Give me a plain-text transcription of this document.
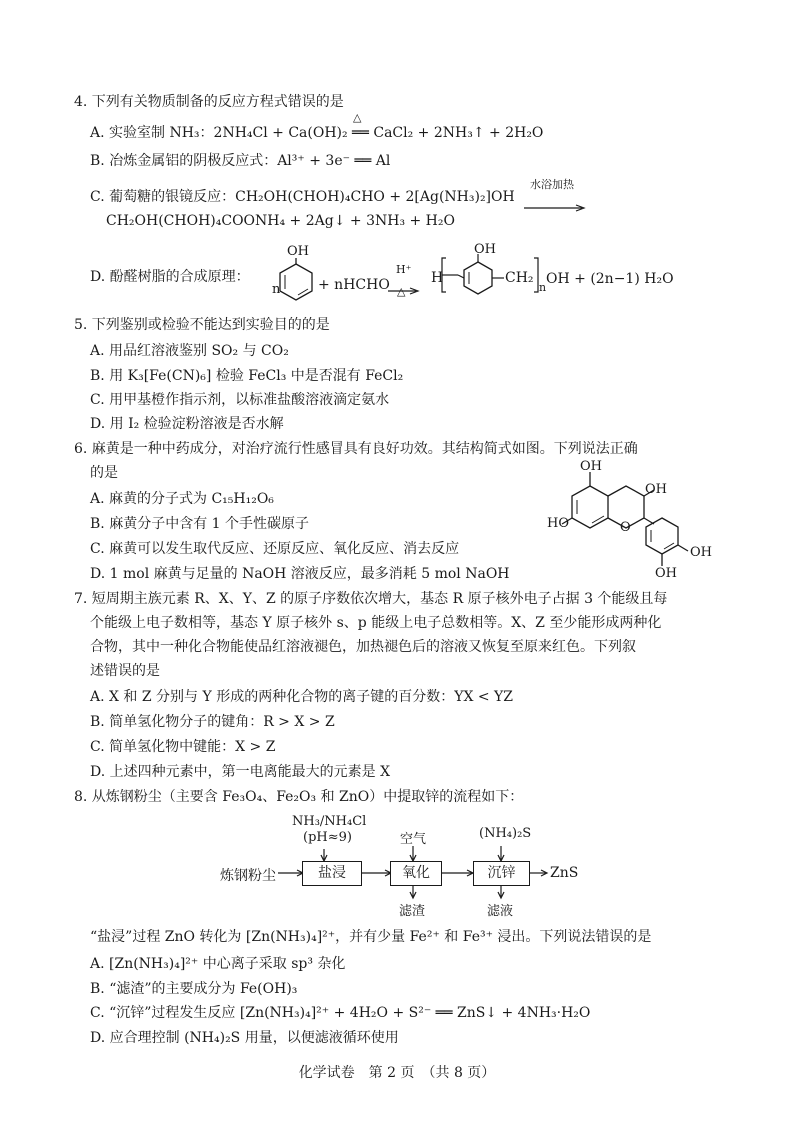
4. 下列有关物质制备的反应方程式错误的是
A. 实验室制 NH₃：2NH₄Cl + Ca(OH)₂ ══ CaCl₂ + 2NH₃↑ + 2H₂O
△
B. 冶炼金属铝的阴极反应式：Al³⁺ + 3e⁻ ══ Al
C. 葡萄糖的银镜反应：CH₂OH(CHOH)₄CHO + 2[Ag(NH₃)₂]OH
水浴加热
CH₂OH(CHOH)₄COONH₄ + 2Ag↓ + 3NH₃ + H₂O
D. 酚醛树脂的合成原理：
n
OH
+ nHCHO
H⁺
△
H
OH
CH₂
n
OH + (2n−1) H₂O
5. 下列鉴别或检验不能达到实验目的的是
A. 用品红溶液鉴别 SO₂ 与 CO₂
B. 用 K₃[Fe(CN)₆] 检验 FeCl₃ 中是否混有 FeCl₂
C. 用甲基橙作指示剂，以标准盐酸溶液滴定氨水
D. 用 I₂ 检验淀粉溶液是否水解
6. 麻黄是一种中药成分，对治疗流行性感冒具有良好功效。其结构简式如图。下列说法正确
的是
A. 麻黄的分子式为 C₁₅H₁₂O₆
B. 麻黄分子中含有 1 个手性碳原子
C. 麻黄可以发生取代反应、还原反应、氧化反应、消去反应
D. 1 mol 麻黄与足量的 NaOH 溶液反应，最多消耗 5 mol NaOH
OH
OH
O
HO
OH
OH
7. 短周期主族元素 R、X、Y、Z 的原子序数依次增大，基态 R 原子核外电子占据 3 个能级且每
个能级上电子数相等，基态 Y 原子核外 s、p 能级上电子总数相等。X、Z 至少能形成两种化
合物，其中一种化合物能使品红溶液褪色，加热褪色后的溶液又恢复至原来红色。下列叙
述错误的是
A. X 和 Z 分别与 Y 形成的两种化合物的离子键的百分数：YX < YZ
B. 简单氢化物分子的键角：R > X > Z
C. 简单氢化物中键能：X > Z
D. 上述四种元素中，第一电离能最大的元素是 X
8. 从炼钢粉尘（主要含 Fe₃O₄、Fe₂O₃ 和 ZnO）中提取锌的流程如下：
NH₃/NH₄Cl
(pH≈9)	空气	(NH₄)₂S
炼钢粉尘	盐浸	氧化	沉锌	ZnS
滤渣	滤液
“盐浸”过程 ZnO 转化为 [Zn(NH₃)₄]²⁺，并有少量 Fe²⁺ 和 Fe³⁺ 浸出。下列说法错误的是
A. [Zn(NH₃)₄]²⁺ 中心离子采取 sp³ 杂化
B. “滤渣”的主要成分为 Fe(OH)₃
C. “沉锌”过程发生反应 [Zn(NH₃)₄]²⁺ + 4H₂O + S²⁻ ══ ZnS↓ + 4NH₃·H₂O
D. 应合理控制 (NH₄)₂S 用量，以便滤液循环使用
化学试卷　第 2 页　（共 8 页）
